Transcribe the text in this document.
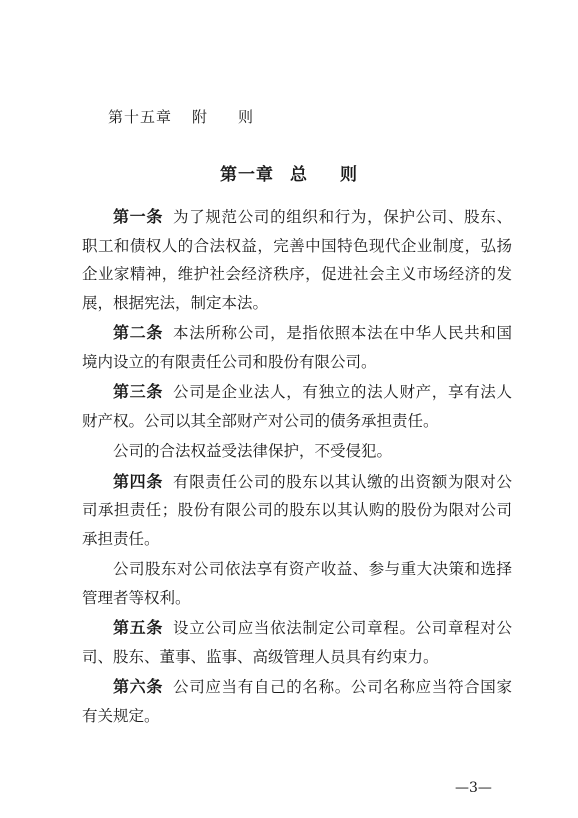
第十五章 附 则
第一章 总 则

第一条 为了规范公司的组织和行为，保护公司、股东、职工和债权人的合法权益，完善中国特色现代企业制度，弘扬企业家精神，维护社会经济秩序，促进社会主义市场经济的发展，根据宪法，制定本法。

第二条 本法所称公司，是指依照本法在中华人民共和国境内设立的有限责任公司和股份有限公司。

第三条 公司是企业法人，有独立的法人财产，享有法人财产权。公司以其全部财产对公司的债务承担责任。

公司的合法权益受法律保护，不受侵犯。

第四条 有限责任公司的股东以其认缴的出资额为限对公司承担责任；股份有限公司的股东以其认购的股份为限对公司承担责任。

公司股东对公司依法享有资产收益、参与重大决策和选择管理者等权利。

第五条 设立公司应当依法制定公司章程。公司章程对公司、股东、董事、监事、高级管理人员具有约束力。

第六条 公司应当有自己的名称。公司名称应当符合国家有关规定。

—3—
